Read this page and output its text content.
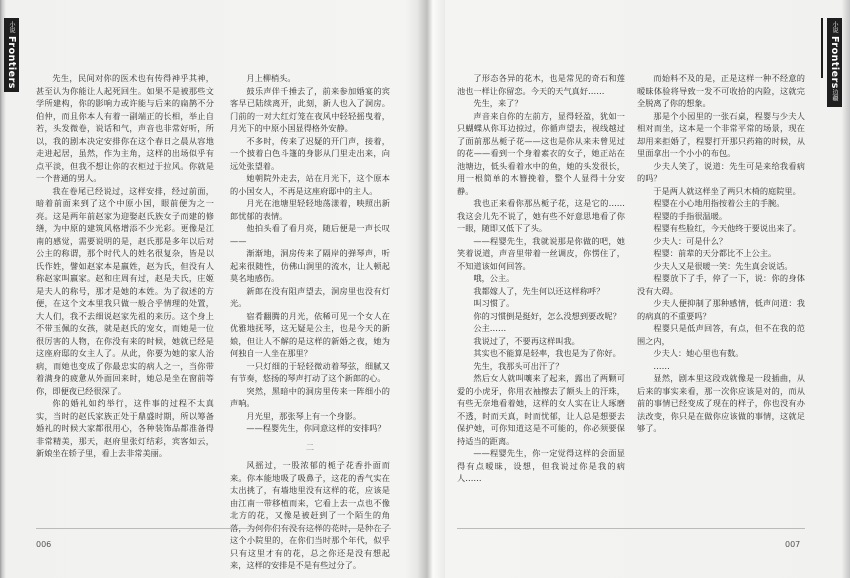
小说
Frontiers	先生，民间对你的医术也有传得神乎其神，甚至认为你能让人起死回生。如果不是被那些文学所建构，你的影响力或许能与后来的扁鹊不分伯仲，而且你本人有着一副端正的长相，举止自若，头发微卷，说话和气，声音也非常好听，所以，我的剧本决定安排你在这个春日之晨从容地走进起居，虽然，作为主角，这样的出场似乎有点平淡，但我不想让你的衣柜过于拉风。你就是一个普通的男人。

我在卷尾已经说过，这样安排，经过前面，暗着前面来到了这个中原小国，眼前便为之一亮。这是两年前赵家为迎娶赵氏族女子而建的修缮，为中原的建筑风格增添不少光彩。更像是江南的感觉，需要说明的是，赵氏那是多年以后对公主的称谓，那个时代人的姓名很复杂，皆是以氏作姓，譬如赵家本是嬴姓，赵为氏，但没有人称赵家叫嬴家。赵和庄周有过，赵是夫氏，庄姬是夫人的称号，那才是她的本姓。为了叙述的方便，在这个文本里我只做一般合乎情理的处置，大人们，我不去细说赵家先祖的来历。这个身上不带玉佩的女孩，就是赵氏的宠女，而她是一位很厉害的人物，在你没有来的时候，她就已经是这座府邸的女主人了。从此，你要为她的家人治病，而她也变成了你最忠实的病人之一，当你带着满身的疲惫从外面回来时，她总是坐在窗前等你，即便夜已经很深了。

你的婚礼如约举行，这件事的过程不太真实，当时的赵氏家族正处于鼎盛时期，所以筹备婚礼的时候大家都很用心，各种装饰品都准备得非常精美，那天，赵府里张灯结彩，宾客如云，新娘坐在轿子里，看上去非常美丽。

月上柳梢头。

鼓乐声伴千捶去了，前来参加婚宴的宾客早已陆续离开，此刻，新人也入了洞房。门前的一对大红灯笼在夜风中轻轻摇曳着，月光下的中原小国显得格外安静。

不多时，传来了迟疑的开门声，接着，一个披着白色斗篷的身影从门里走出来，向远处张望着。

她朝院外走去，站在月光下，这个原本的小国女人，不再是这座府邸中的主人。

月光在池塘里轻轻地荡漾着，映照出新郎忧郁的表情。

他拍头看了看月亮，随后便是一声长叹——

渐渐地，洞房传来了隔岸的弹琴声，听起来很随性，仿佛山涧里的流水，让人顿起莫名地感伤。

新郎在没有阻声望去，洞房里也没有灯光。

宿肴翻腾的月光，依稀可见一个女人在优雅地抚琴，这无疑是公主，也是今天的新娘，但让人不解的是这样的新婚之夜，她为何独自一人坐在那里？

一只灯细的于轻轻微动着琴弦，细腻又有节奏，悠扬的琴声打动了这个新郎的心。

突然，黑暗中的洞房里传来一阵细小的声响。

月光里，那张琴上有一个身影。

——程婴先生，你同意这样的安排吗？

二

风摇过，一股浓郁的栀子花香扑面而来。你本能地吸了吸鼻子，这花的香气实在太出挑了，有墙地里没有这样的花，应该是由江南一带移植而来，它看上去一点也不像北方的花，又像是被赶到了一个陌生的角 这个小院里的，在你们当时那个年代，似乎只有这里才有的花，总之你还是没有想起来，这样的安排是不是有些过分了。

006

了形态各异的花木，也是常见的奇石和莲池也一样让你留恋。今天的天气真好……

先生，来了？

声音来自你的左前方，显得轻盈，犹如一只蝴蝶从你耳边掠过，你循声望去，视线越过了面前那丛栀子花——这也是你从来未曾见过的花——看到一个身着素衣的女子，她正站在池塘边，低头看着水中的鱼，她的头发很长，用一根简单的木簪挽着，整个人显得十分安静。

我也正来看你那丛栀子花，这是它的……我这会儿先不说了，她有些不好意思地看了你一眼，随即又低下了头。

——程婴先生，我就说那是你做的吧，她笑着说道，声音里带着一丝调皮，你愣住了，不知道该如何回答。

哦，公主。

我都嫁人了，先生何以还这样称呼？

叫习惯了。

你的习惯倒是挺好，怎么没想到要改呢？

公主……

我说过了，不要再这样叫我。

其实也不能算是轻率，我也是为了你好。

先生，我那头可出汗了？

然后女人就叫嚷来了起来，露出了两颗可爱的小虎牙，你用衣袖擦去了额头上的汗珠，有些无奈地看着她，这样的女人实在让人琢磨不透，时而天真，时而忧郁，让人总是想要去保护她，可你知道这是不可能的，你必须要保持适当的距离。

——程婴先生，你一定觉得这样的会面显得有点暧昧，设想，但我说过你是我的病人……

而始料不及的是，正是这样一种不经意的暧昧体验将导致一发不可收拾的内险，这就完全脱离了你的想象。

那是个小园里的一张石桌，程婴与少夫人相对而坐，这本是一个非常平常的场景，现在却用来拒婚了，程婴打开那只药箱的时候，从里面拿出一个小小的布包。

少夫人笑了，说道：先生可是来给我看病的吗？

于是两人就这样坐了两只木椅的庭院里。

程婴在小心地用指按着公主的手腕。

程婴的手指很温暖。

程婴有些脸红，今天他终于要说出来了。

少夫人：可是什么？

程婴：前辈的天分都比不上公主。

少夫人又是很暖一笑：先生真会说话。

程婴放下了手，停了一下，说：你的身体没有大碍。

少夫人便抑制了那种感情，低声问道：我的病真的不重要吗？

程婴只是低声回答，有点，但不在我的范围之内，

少夫人：她心里也有数。

……

显然，剧本里这段戏就像是一段插曲，从后来的事实来看，那一次你应该是对的，而从前的事情已经变成了现在的样子，你也没有办法改变，你只是在做你应该做的事情，这就足够了。

小说
Frontiers
边疆
007
